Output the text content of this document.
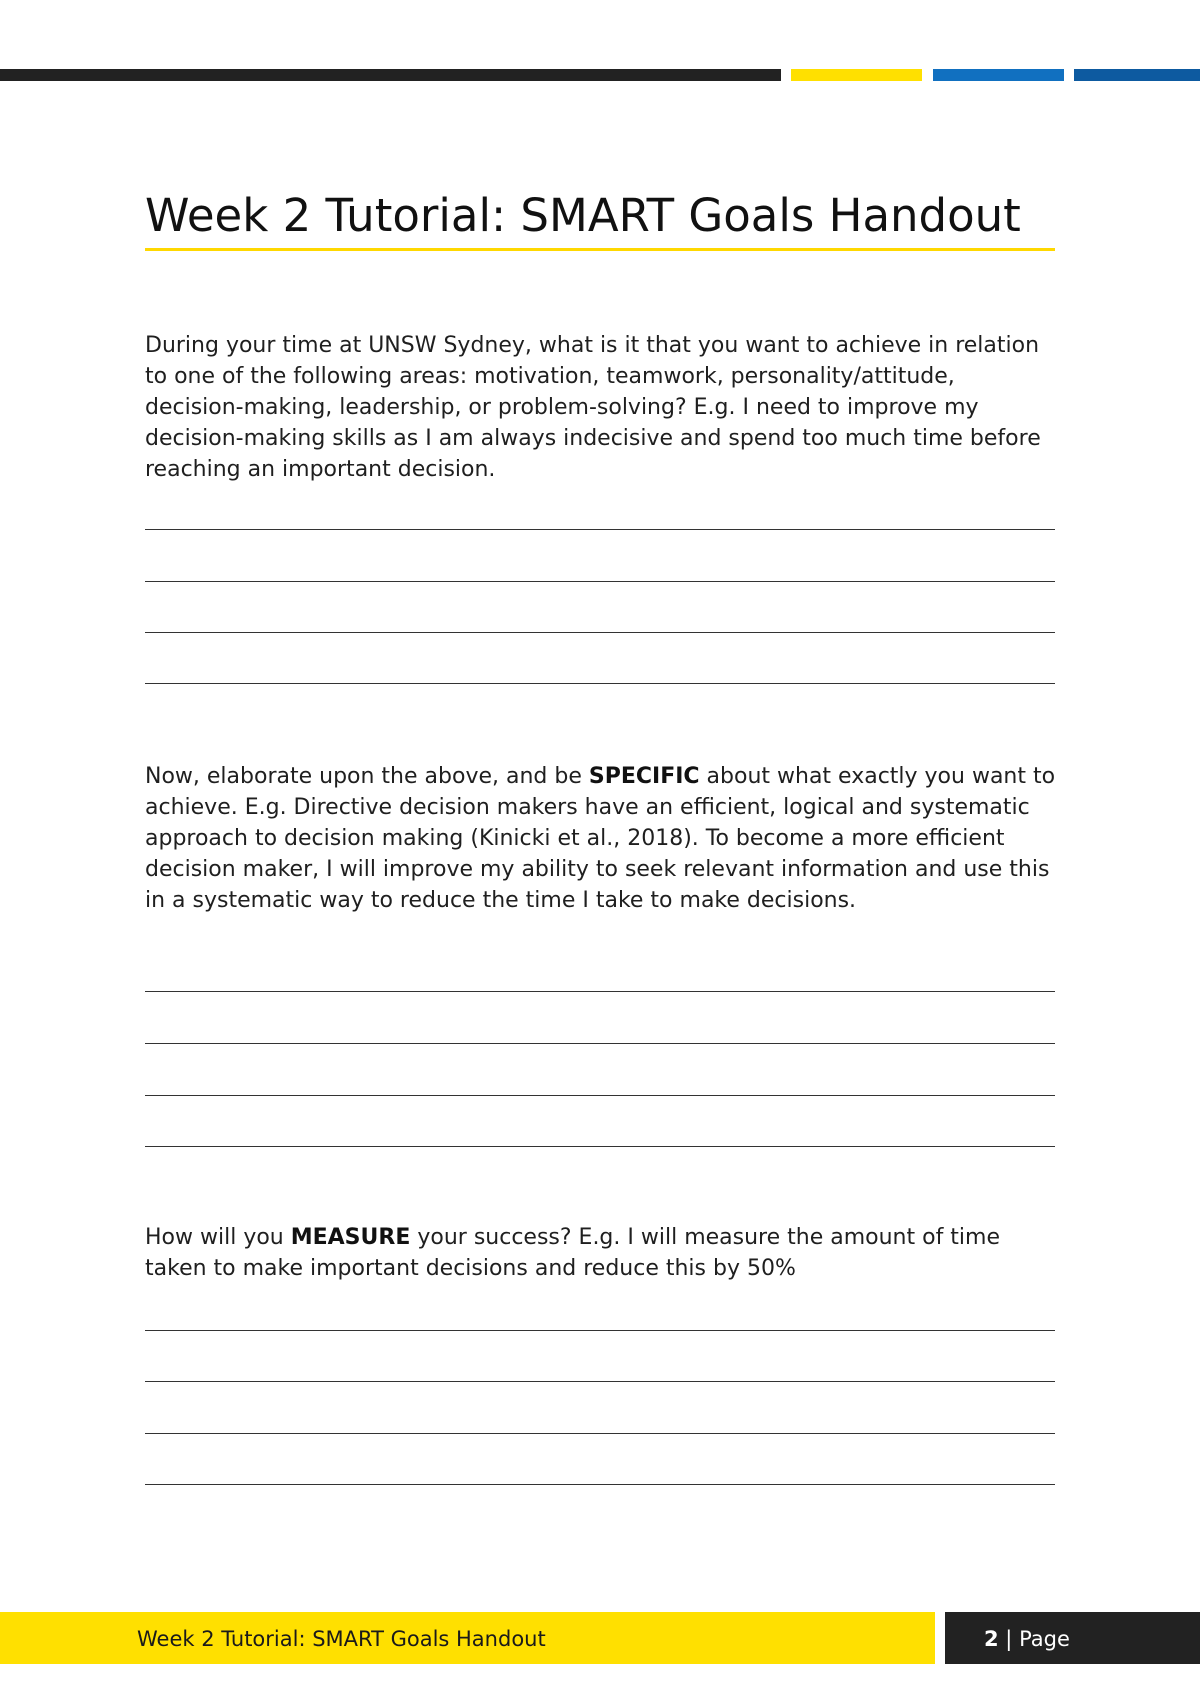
Week 2 Tutorial: SMART Goals Handout

During your time at UNSW Sydney, what is it that you want to achieve in relation to one of the following areas: motivation, teamwork, personality/attitude, decision-making, leadership, or problem-solving? E.g. I need to improve my decision-making skills as I am always indecisive and spend too much time before reaching an important decision.

Now, elaborate upon the above, and be SPECIFIC about what exactly you want to achieve. E.g. Directive decision makers have an efficient, logical and systematic approach to decision making (Kinicki et al., 2018). To become a more efficient decision maker, I will improve my ability to seek relevant information and use this in a systematic way to reduce the time I take to make decisions.

How will you MEASURE your success? E.g. I will measure the amount of time taken to make important decisions and reduce this by 50%

Week 2 Tutorial: SMART Goals Handout	2 | Page
